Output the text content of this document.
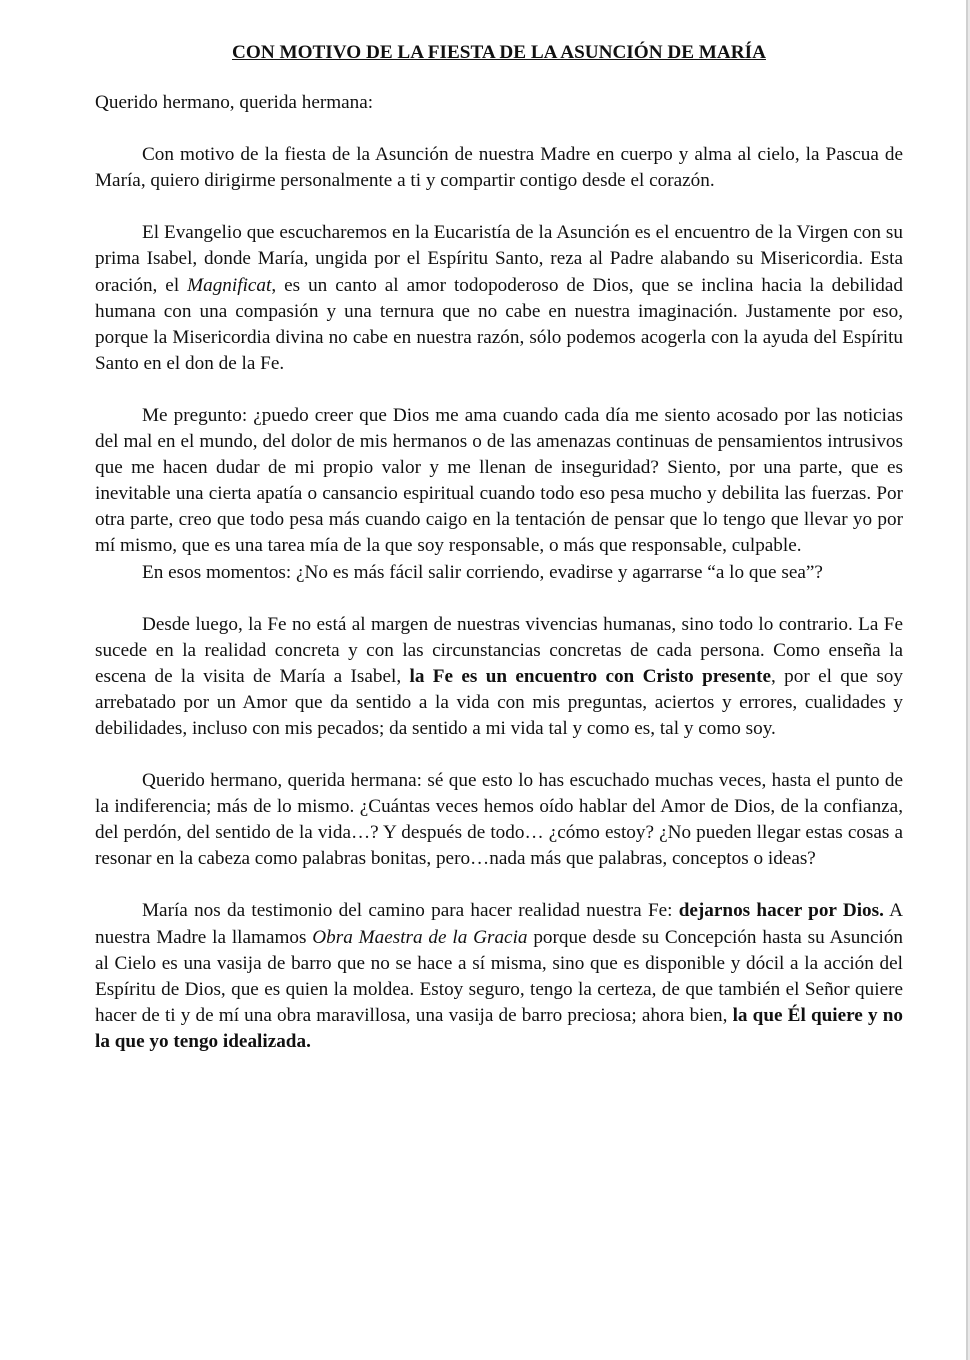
CON MOTIVO DE LA FIESTA DE LA ASUNCIÓN DE MARÍA

Querido hermano, querida hermana:

Con motivo de la fiesta de la Asunción de nuestra Madre en cuerpo y alma al cielo, la Pascua de María, quiero dirigirme personalmente a ti y compartir contigo desde el corazón.

El Evangelio que escucharemos en la Eucaristía de la Asunción es el encuentro de la Virgen con su prima Isabel, donde María, ungida por el Espíritu Santo, reza al Padre alabando su Misericordia. Esta oración, el Magnificat, es un canto al amor todopoderoso de Dios, que se inclina hacia la debilidad humana con una compasión y una ternura que no cabe en nuestra imaginación. Justamente por eso, porque la Misericordia divina no cabe en nuestra razón, sólo podemos acogerla con la ayuda del Espíritu Santo en el don de la Fe.

Me pregunto: ¿puedo creer que Dios me ama cuando cada día me siento acosado por las noticias del mal en el mundo, del dolor de mis hermanos o de las amenazas continuas de pensamientos intrusivos que me hacen dudar de mi propio valor y me llenan de inseguridad? Siento, por una parte, que es inevitable una cierta apatía o cansancio espiritual cuando todo eso pesa mucho y debilita las fuerzas. Por otra parte, creo que todo pesa más cuando caigo en la tentación de pensar que lo tengo que llevar yo por mí mismo, que es una tarea mía de la que soy responsable, o más que responsable, culpable.

En esos momentos: ¿No es más fácil salir corriendo, evadirse y agarrarse “a lo que sea”?

Desde luego, la Fe no está al margen de nuestras vivencias humanas, sino todo lo contrario. La Fe sucede en la realidad concreta y con las circunstancias concretas de cada persona. Como enseña la escena de la visita de María a Isabel, la Fe es un encuentro con Cristo presente, por el que soy arrebatado por un Amor que da sentido a la vida con mis preguntas, aciertos y errores, cualidades y debilidades, incluso con mis pecados; da sentido a mi vida tal y como es, tal y como soy.

Querido hermano, querida hermana: sé que esto lo has escuchado muchas veces, hasta el punto de la indiferencia; más de lo mismo. ¿Cuántas veces hemos oído hablar del Amor de Dios, de la confianza, del perdón, del sentido de la vida…? Y después de todo… ¿cómo estoy? ¿No pueden llegar estas cosas a resonar en la cabeza como palabras bonitas, pero…nada más que palabras, conceptos o ideas?

María nos da testimonio del camino para hacer realidad nuestra Fe: dejarnos hacer por Dios. A nuestra Madre la llamamos Obra Maestra de la Gracia porque desde su Concepción hasta su Asunción al Cielo es una vasija de barro que no se hace a sí misma, sino que es disponible y dócil a la acción del Espíritu de Dios, que es quien la moldea. Estoy seguro, tengo la certeza, de que también el Señor quiere hacer de ti y de mí una obra maravillosa, una vasija de barro preciosa; ahora bien, la que Él quiere y no la que yo tengo idealizada.
